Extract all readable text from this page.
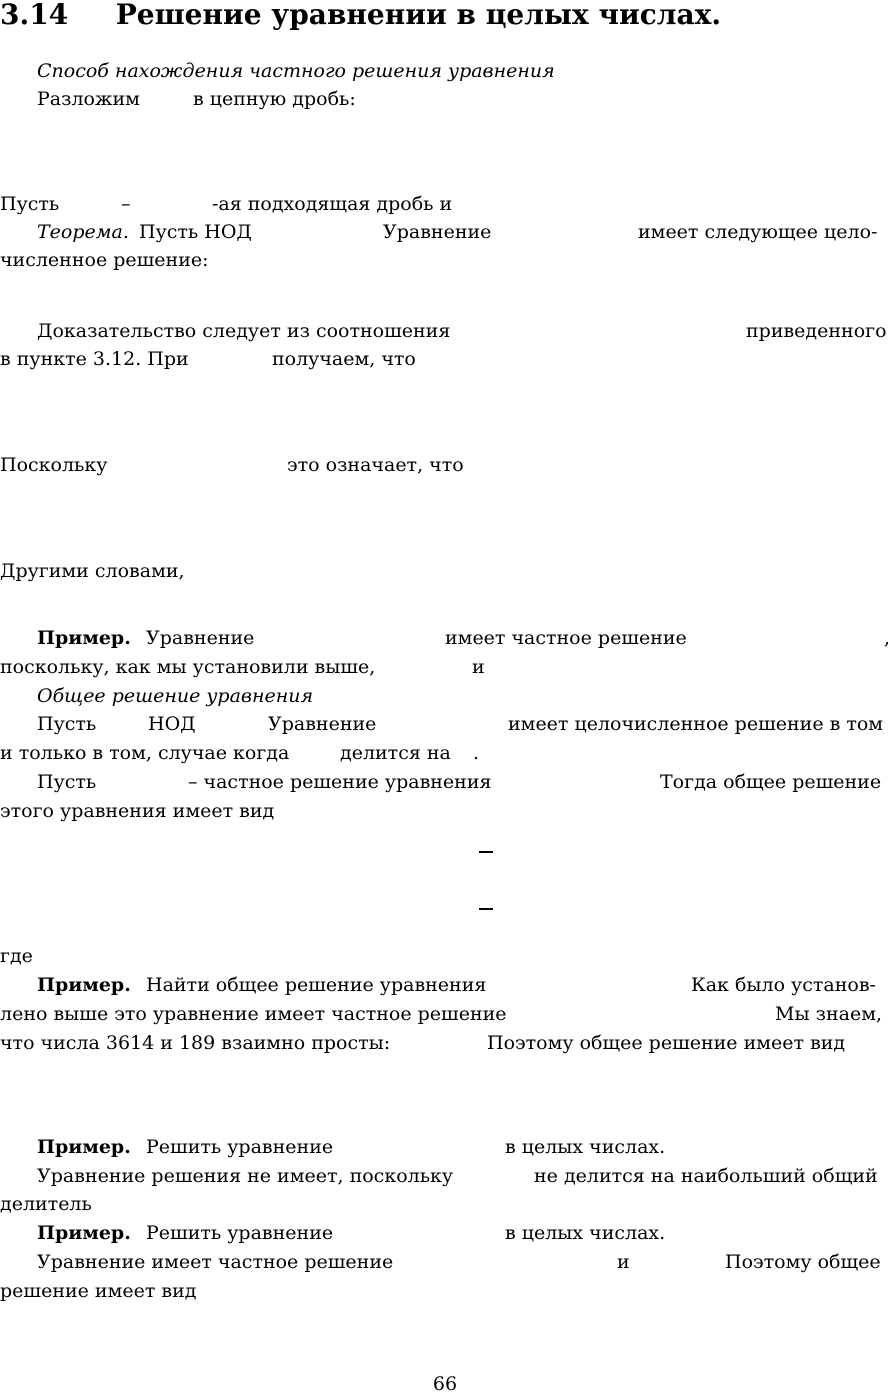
3.14 Решение уравнении в целых числах.
Способ нахождения частного решения уравнения
Разложим	в цепную дробь:
Пусть	–	-ая подходящая дробь и
Теорема. Пусть НОД	Уравнение	имеет следующее цело-
численное решение:
Доказательство следует из соотношения	приведенного
в пункте 3.12. При	получаем, что
Поскольку	это означает, что
Другими словами,
Пример. Уравнение	имеет частное решение	,
поскольку, как мы установили выше,	и
Общее решение уравнения
Пусть	НОД	Уравнение	имеет целочисленное решение в том
и только в том, случае когда	делится на .
Пусть	– частное решение уравнения	Тогда общее решение
этого уравнения имеет вид
где
Пример. Найти общее решение уравнения	Как было установ-
лено выше это уравнение имеет частное решение	Мы знаем,
что числа 3614 и 189 взаимно просты:	Поэтому общее решение имеет вид
Пример. Решить уравнение	в целых числах.
Уравнение решения не имеет, поскольку	не делится на наибольший общий
делитель
Пример. Решить уравнение	в целых числах.
Уравнение имеет частное решение	и	Поэтому общее
решение имеет вид
66
